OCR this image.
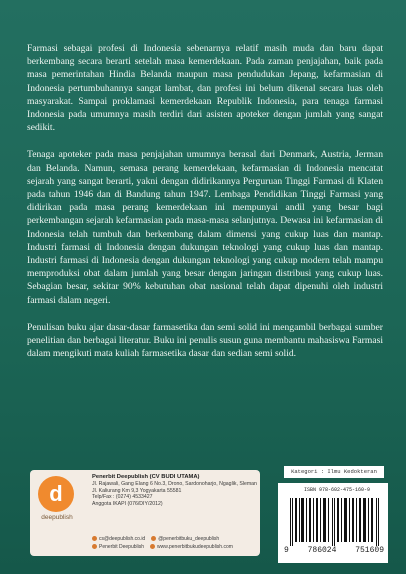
Farmasi sebagai profesi di Indonesia sebenarnya relatif masih muda dan baru dapat berkembang secara berarti setelah masa kemerdekaan. Pada zaman penjajahan, baik pada masa pemerintahan Hindia Belanda maupun masa pendudukan Jepang, kefarmasian di Indonesia pertumbuhannya sangat lambat, dan profesi ini belum dikenal secara luas oleh masyarakat. Sampai proklamasi kemerdekaan Republik Indonesia, para tenaga farmasi Indonesia pada umumnya masih terdiri dari asisten apoteker dengan jumlah yang sangat sedikit.

Tenaga apoteker pada masa penjajahan umumnya berasal dari Denmark, Austria, Jerman dan Belanda. Namun, semasa perang kemerdekaan, kefarmasian di Indonesia mencatat sejarah yang sangat berarti, yakni dengan didirikannya Perguruan Tinggi Farmasi di Klaten pada tahun 1946 dan di Bandung tahun 1947. Lembaga Pendidikan Tinggi Farmasi yang didirikan pada masa perang kemerdekaan ini mempunyai andil yang besar bagi perkembangan sejarah kefarmasian pada masa-masa selanjutnya. Dewasa ini kefarmasian di Indonesia telah tumbuh dan berkembang dalam dimensi yang cukup luas dan mantap. Industri farmasi di Indonesia dengan dukungan teknologi yang cukup luas dan mantap. Industri farmasi di Indonesia dengan dukungan teknologi yang cukup modern telah mampu memproduksi obat dalam jumlah yang besar dengan jaringan distribusi yang cukup luas. Sebagian besar, sekitar 90% kebutuhan obat nasional telah dapat dipenuhi oleh industri farmasi dalam negeri.

Penulisan buku ajar dasar-dasar farmasetika dan semi solid ini mengambil berbagai sumber penelitian dan berbagai literatur. Buku ini penulis susun guna membantu mahasiswa Farmasi dalam mengikuti mata kuliah farmasetika dasar dan sedian semi solid.

d
deepublish
Penerbit Deepublish (CV BUDI UTAMA)
Jl. Rajawali, Gang Elang 6 No.3, Drono, Sardonoharjo, Ngaglik, Sleman
Jl. Kaliurang Km 9,3 Yogyakarta 55581
Telp/Fax : (0274) 4533427
Anggota IKAPI (076/DIY/2012)
cs@deepublish.co.id	@penerbitbuku_deepublish
Penerbit Deepublish	www.penerbitbukudeepublish.com
Kategori : Ilmu Kedokteran
ISBN 978-602-475-160-9
9 786024 751609
